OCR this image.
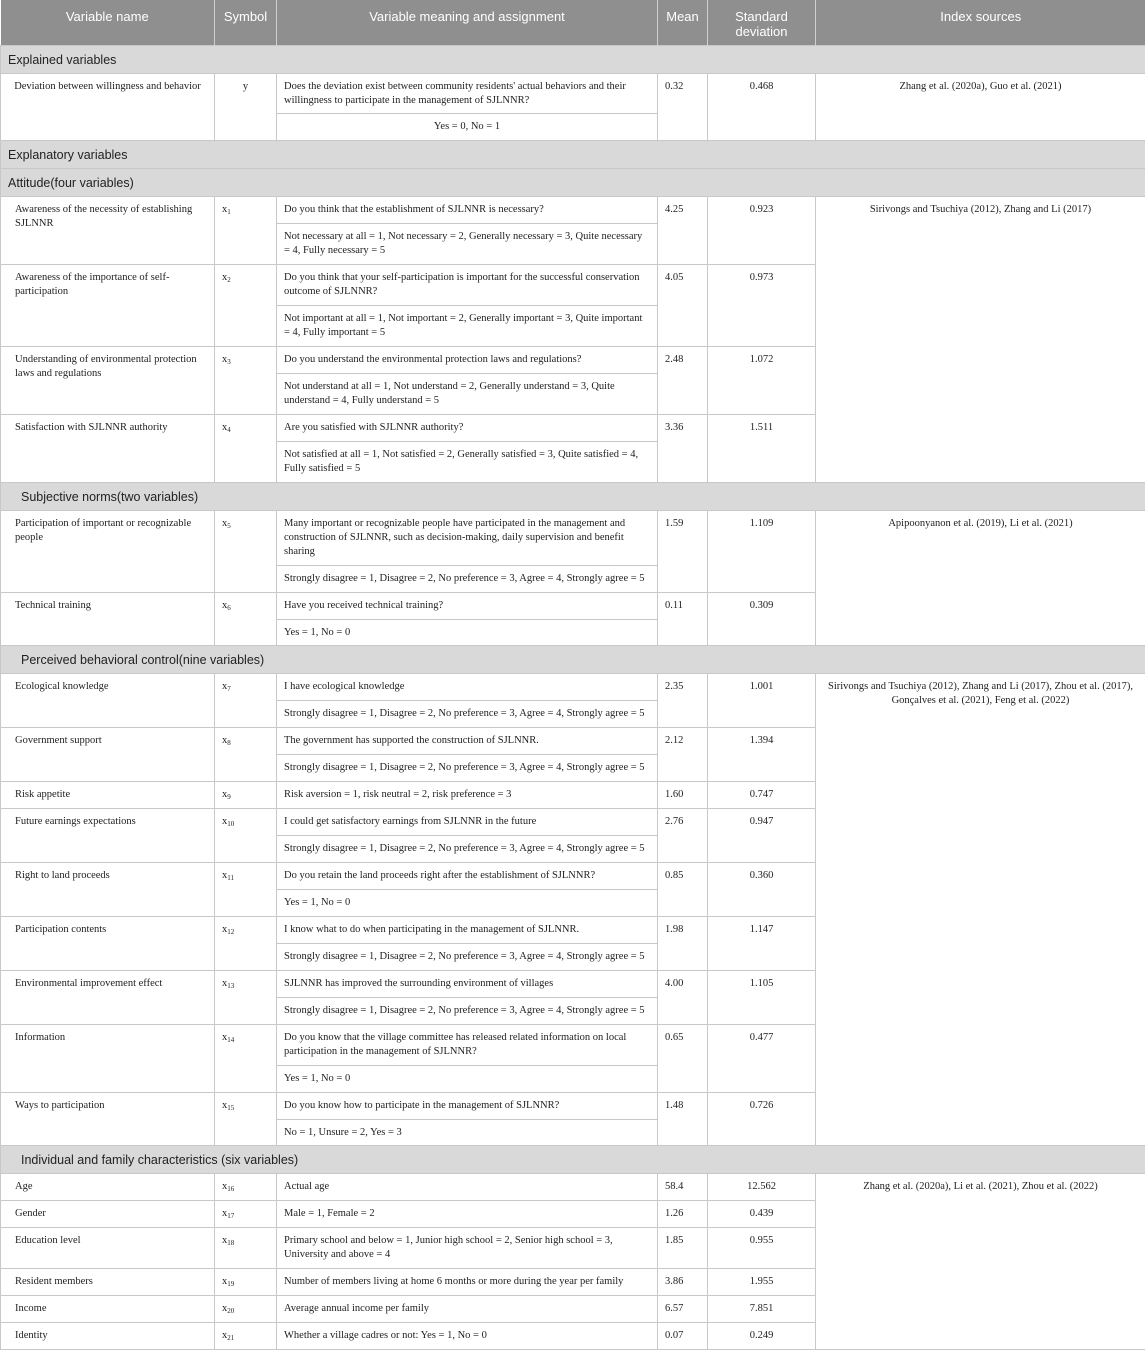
Variable name	Symbol	Variable meaning and assignment	Mean	Standard deviation	Index sources
Explained variables					
Deviation between willingness and behavior	y	Does the deviation exist between community residents' actual behaviors and their willingness to participate in the management of SJLNNR?	0.32	0.468	Zhang et al. (2020a), Guo et al. (2021)
		Yes = 0, No = 1			
Explanatory variables					
Attitude(four variables)					
Awareness of the necessity of establishing SJLNNR	$x_1$	Do you think that the establishment of SJLNNR is necessary?	4.25	0.923	Sirivongs and Tsuchiya (2012), Zhang and Li (2017)
		Not necessary at all = 1, Not necessary = 2, Generally necessary = 3, Quite necessary = 4, Fully necessary = 5			
Awareness of the importance of self-participation	$x_2$	Do you think that your self-participation is important for the successful conservation outcome of SJLNNR?	4.05	0.973	
		Not important at all = 1, Not important = 2, Generally important = 3, Quite important = 4, Fully important = 5			
Understanding of environmental protection laws and regulations	$x_3$	Do you understand the environmental protection laws and regulations?	2.48	1.072	
		Not understand at all = 1, Not understand = 2, Generally understand = 3, Quite understand = 4, Fully understand = 5			
Satisfaction with SJLNNR authority	$x_4$	Are you satisfied with SJLNNR authority?	3.36	1.511	
		Not satisfied at all = 1, Not satisfied = 2, Generally satisfied = 3, Quite satisfied = 4, Fully satisfied = 5			
Subjective norms(two variables)					
Participation of important or recognizable people	$x_5$	Many important or recognizable people have participated in the management and construction of SJLNNR, such as decision-making, daily supervision and benefit sharing	1.59	1.109	Apipoonyanon et al. (2019), Li et al. (2021)
		Strongly disagree = 1, Disagree = 2, No preference = 3, Agree = 4, Strongly agree = 5			
Technical training	$x_6$	Have you received technical training?	0.11	0.309	
		Yes = 1, No = 0			
Perceived behavioral control(nine variables)					
Ecological knowledge	$x_7$	I have ecological knowledge	2.35	1.001	Sirivongs and Tsuchiya (2012), Zhang and Li (2017), Zhou et al. (2017), Gonçalves et al. (2021), Feng et al. (2022)
		Strongly disagree = 1, Disagree = 2, No preference = 3, Agree = 4, Strongly agree = 5			
Government support	$x_8$	The government has supported the construction of SJLNNR.	2.12	1.394	
		Strongly disagree = 1, Disagree = 2, No preference = 3, Agree = 4, Strongly agree = 5			
Risk appetite	$x_9$	Risk aversion = 1, risk neutral = 2, risk preference = 3	1.60	0.747	
Future earnings expectations	$x_{10}$	I could get satisfactory earnings from SJLNNR in the future	2.76	0.947	
		Strongly disagree = 1, Disagree = 2, No preference = 3, Agree = 4, Strongly agree = 5			
Right to land proceeds	$x_{11}$	Do you retain the land proceeds right after the establishment of SJLNNR?	0.85	0.360	
		Yes = 1, No = 0			
Participation contents	$x_{12}$	I know what to do when participating in the management of SJLNNR.	1.98	1.147	
		Strongly disagree = 1, Disagree = 2, No preference = 3, Agree = 4, Strongly agree = 5			
Environmental improvement effect	$x_{13}$	SJLNNR has improved the surrounding environment of villages	4.00	1.105	
		Strongly disagree = 1, Disagree = 2, No preference = 3, Agree = 4, Strongly agree = 5			
Information	$x_{14}$	Do you know that the village committee has released related information on local participation in the management of SJLNNR?	0.65	0.477	
		Yes = 1, No = 0			
Ways to participation	$x_{15}$	Do you know how to participate in the management of SJLNNR?	1.48	0.726	
		No = 1, Unsure = 2, Yes = 3			
Individual and family characteristics (six variables)					
Age	$x_{16}$	Actual age	58.4	12.562	Zhang et al. (2020a), Li et al. (2021), Zhou et al. (2022)
Gender	$x_{17}$	Male = 1, Female = 2	1.26	0.439	
Education level	$x_{18}$	Primary school and below = 1, Junior high school = 2, Senior high school = 3, University and above = 4	1.85	0.955	
Resident members	$x_{19}$	Number of members living at home 6 months or more during the year per family	3.86	1.955	
Income	$x_{20}$	Average annual income per family	6.57	7.851	
Identity	$x_{21}$	Whether a village cadres or not: Yes = 1, No = 0	0.07	0.249	
